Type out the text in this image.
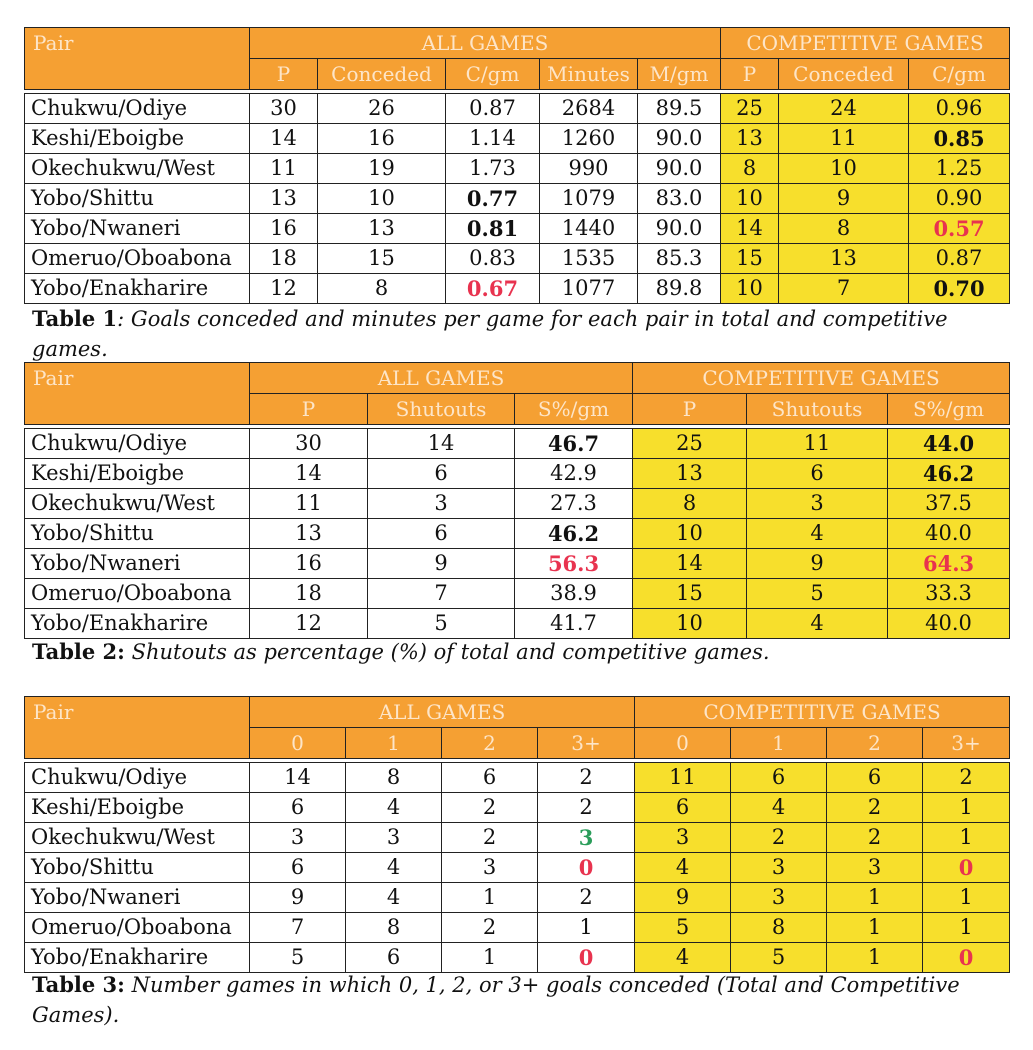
Pair	ALL GAMES					COMPETITIVE GAMES		
	P	Conceded	C/gm	Minutes	M/gm	P	Conceded	C/gm

Chukwu/Odiye	30	26	0.87	2684	89.5	25	24	0.96
Keshi/Eboigbe	14	16	1.14	1260	90.0	13	11	0.85
Okechukwu/West	11	19	1.73	990	90.0	8	10	1.25
Yobo/Shittu	13	10	0.77	1079	83.0	10	9	0.90
Yobo/Nwaneri	16	13	0.81	1440	90.0	14	8	0.57
Omeruo/Oboabona	18	15	0.83	1535	85.3	15	13	0.87
Yobo/Enakharire	12	8	0.67	1077	89.8	10	7	0.70
Table 1: Goals conceded and minutes per game for each pair in total and competitive games.
Pair	ALL GAMES			COMPETITIVE GAMES		
	P	Shutouts	S%/gm	P	Shutouts	S%/gm

Chukwu/Odiye	30	14	46.7	25	11	44.0
Keshi/Eboigbe	14	6	42.9	13	6	46.2
Okechukwu/West	11	3	27.3	8	3	37.5
Yobo/Shittu	13	6	46.2	10	4	40.0
Yobo/Nwaneri	16	9	56.3	14	9	64.3
Omeruo/Oboabona	18	7	38.9	15	5	33.3
Yobo/Enakharire	12	5	41.7	10	4	40.0
Table 2: Shutouts as percentage (%) of total and competitive games.
Pair	ALL GAMES				COMPETITIVE GAMES			
	0	1	2	3+	0	1	2	3+

Chukwu/Odiye	14	8	6	2	11	6	6	2
Keshi/Eboigbe	6	4	2	2	6	4	2	1
Okechukwu/West	3	3	2	3	3	2	2	1
Yobo/Shittu	6	4	3	0	4	3	3	0
Yobo/Nwaneri	9	4	1	2	9	3	1	1
Omeruo/Oboabona	7	8	2	1	5	8	1	1
Yobo/Enakharire	5	6	1	0	4	5	1	0
Table 3: Number games in which 0, 1, 2, or 3+ goals conceded (Total and Competitive Games).
